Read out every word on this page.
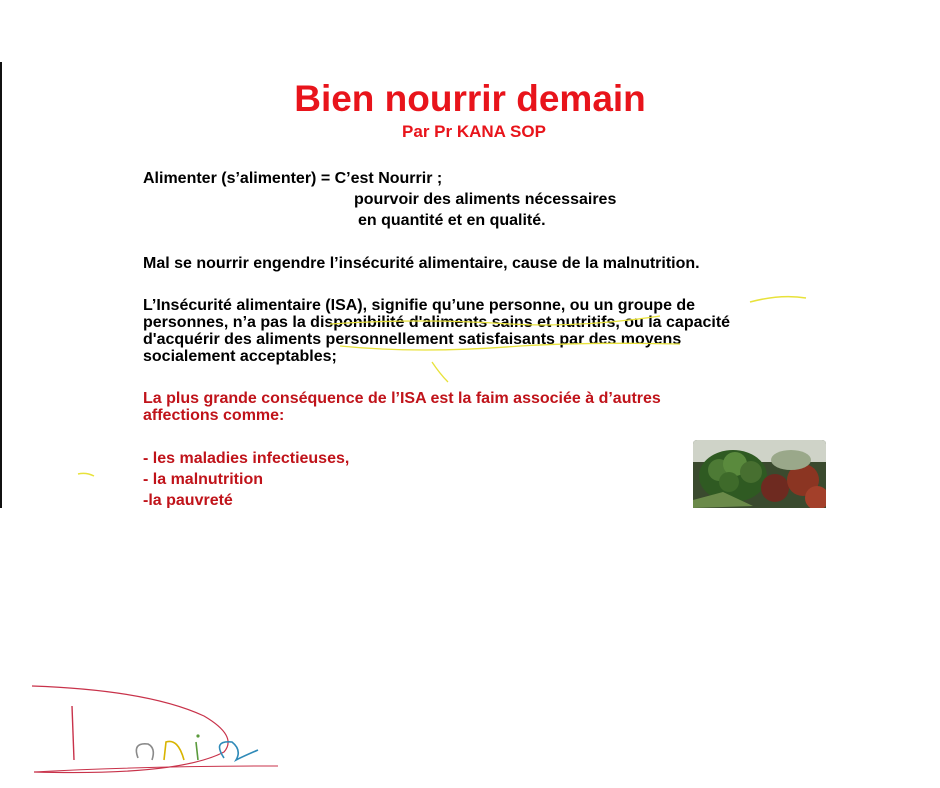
Bien nourrir demain
Par Pr KANA SOP
Alimenter (s’alimenter) = C’est Nourrir ;
pourvoir des aliments nécessaires
en quantité et en qualité.
Mal se nourrir engendre l’insécurité alimentaire, cause de la malnutrition.
L’Insécurité alimentaire (ISA), signifie qu’une personne, ou un groupe de
personnes, n’a pas la disponibilité d'aliments sains et nutritifs, ou la capacité
d'acquérir des aliments personnellement satisfaisants par des moyens
socialement acceptables;
La plus grande conséquence de l’ISA est la faim associée à d’autres
affections comme:
- les maladies infectieuses,
- la malnutrition
-la pauvreté
